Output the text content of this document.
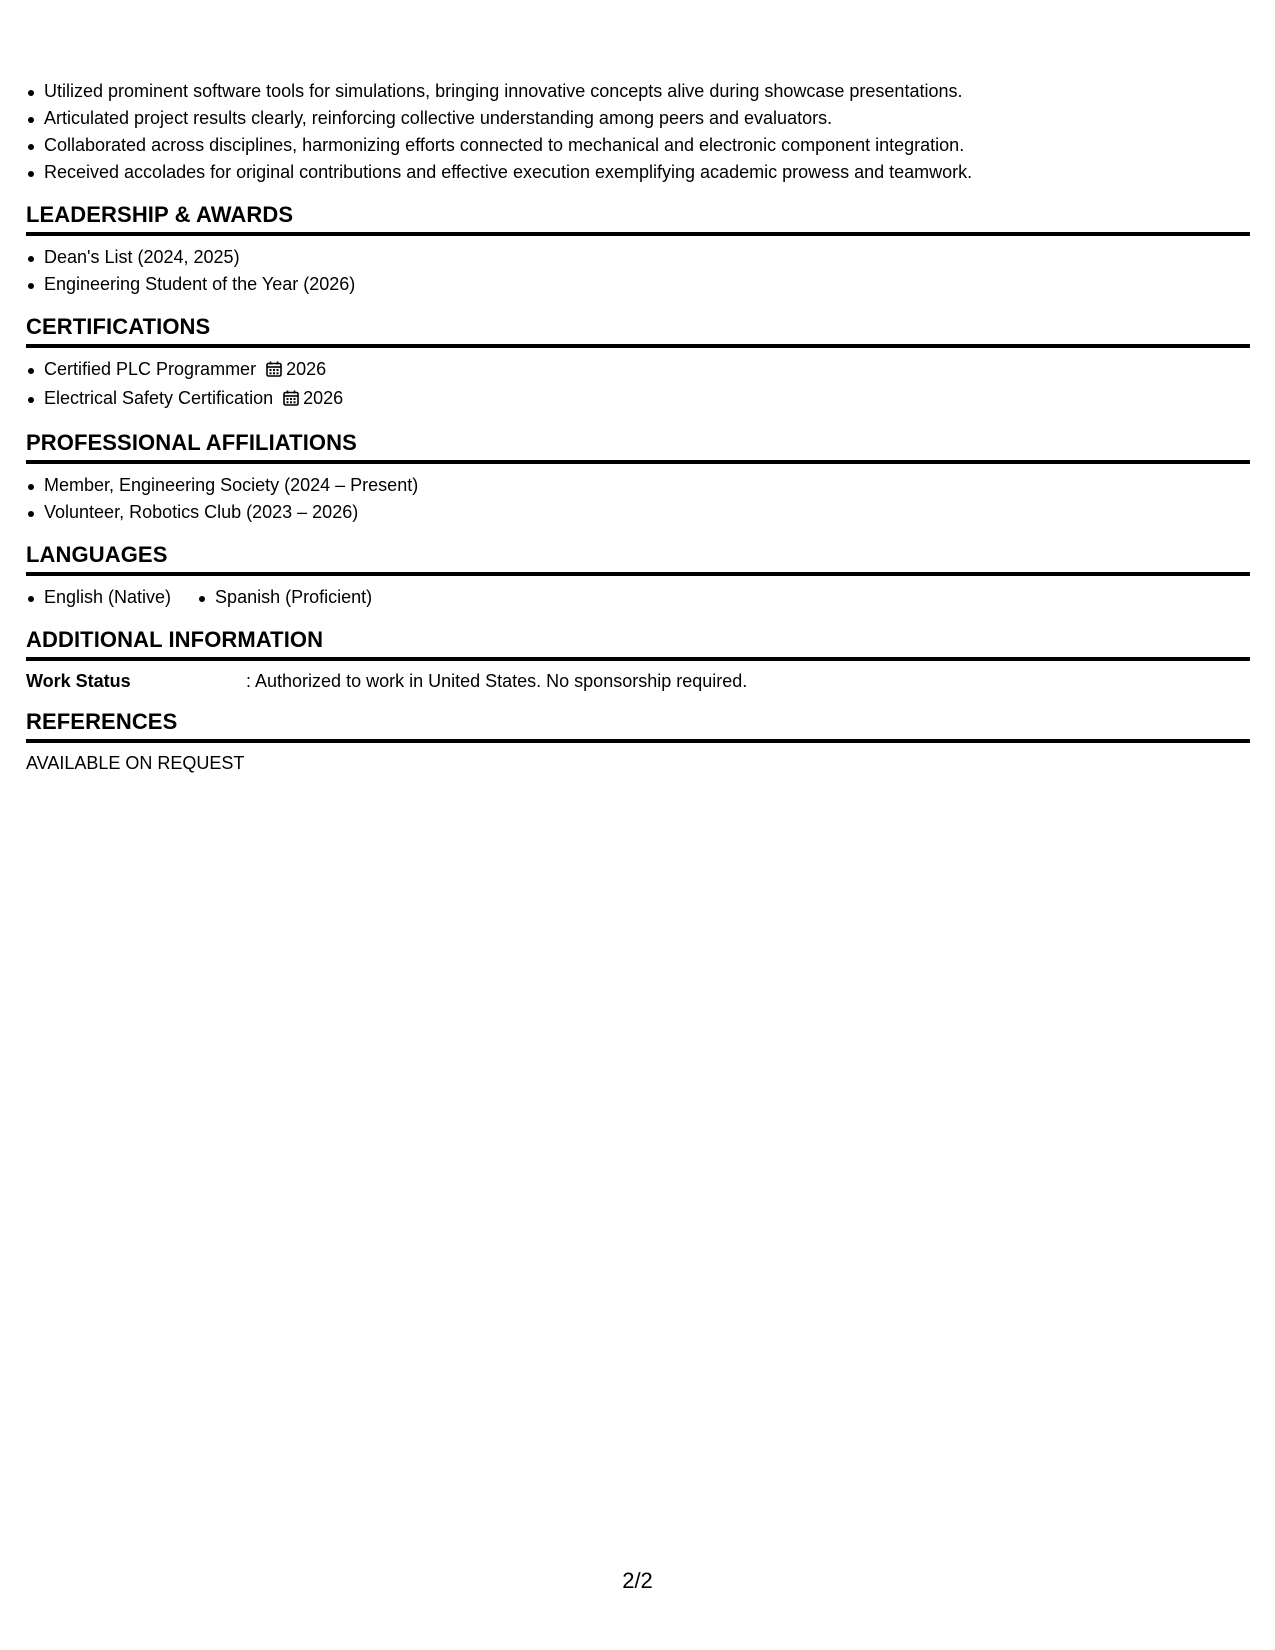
Utilized prominent software tools for simulations, bringing innovative concepts alive during showcase presentations.
Articulated project results clearly, reinforcing collective understanding among peers and evaluators.
Collaborated across disciplines, harmonizing efforts connected to mechanical and electronic component integration.
Received accolades for original contributions and effective execution exemplifying academic prowess and teamwork.
LEADERSHIP & AWARDS
Dean's List (2024, 2025)
Engineering Student of the Year (2026)
CERTIFICATIONS
Certified PLC Programmer 2026
Electrical Safety Certification 2026
PROFESSIONAL AFFILIATIONS
Member, Engineering Society (2024 – Present)
Volunteer, Robotics Club (2023 – 2026)
LANGUAGES
English (Native)	Spanish (Proficient)
ADDITIONAL INFORMATION
Work Status	: Authorized to work in United States. No sponsorship required.
REFERENCES
AVAILABLE ON REQUEST
2/2
